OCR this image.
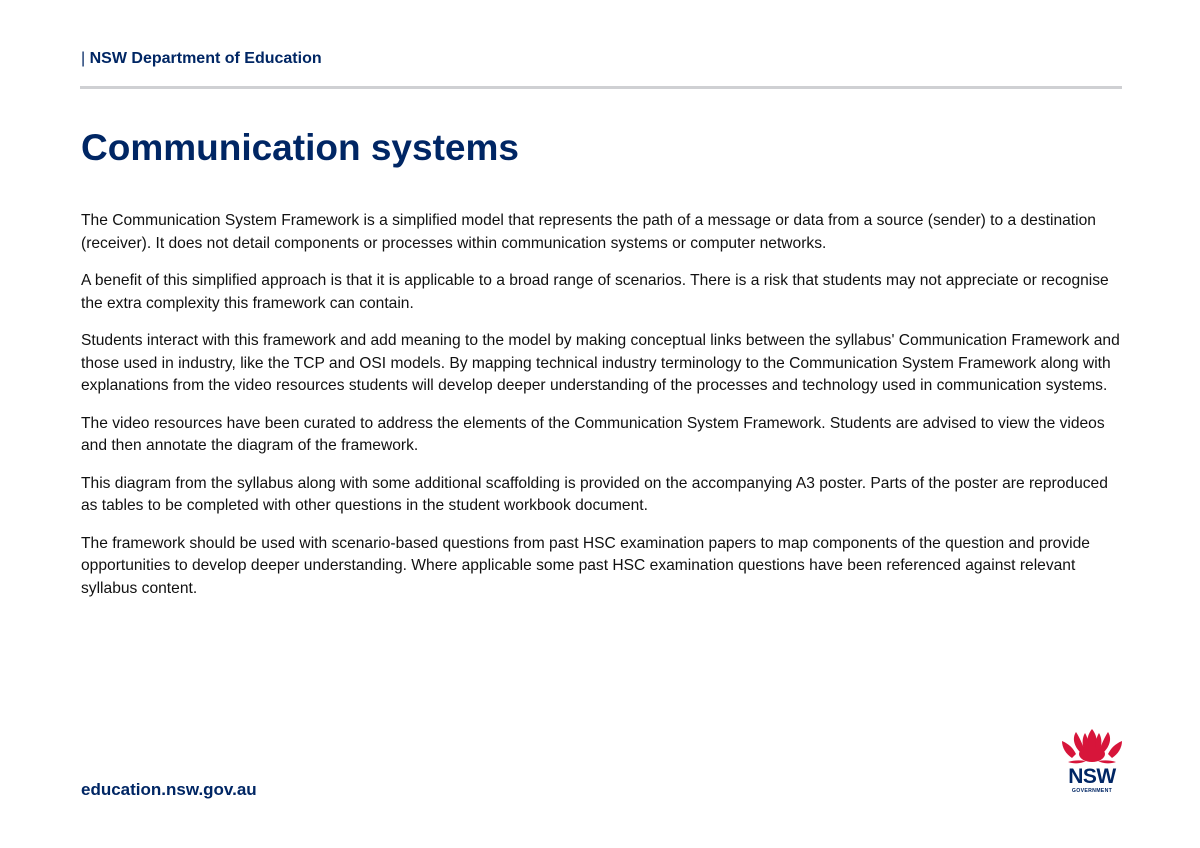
| NSW Department of Education
Communication systems

The Communication System Framework is a simplified model that represents the path of a message or data from a source (sender) to a destination (receiver). It does not detail components or processes within communication systems or computer networks.

A benefit of this simplified approach is that it is applicable to a broad range of scenarios. There is a risk that students may not appreciate or recognise the extra complexity this framework can contain.

Students interact with this framework and add meaning to the model by making conceptual links between the syllabus' Communication Framework and those used in industry, like the TCP and OSI models. By mapping technical industry terminology to the Communication System Framework along with explanations from the video resources students will develop deeper understanding of the processes and technology used in communication systems.

The video resources have been curated to address the elements of the Communication System Framework. Students are advised to view the videos and then annotate the diagram of the framework.

This diagram from the syllabus along with some additional scaffolding is provided on the accompanying A3 poster. Parts of the poster are reproduced as tables to be completed with other questions in the student workbook document.

The framework should be used with scenario-based questions from past HSC examination papers to map components of the question and provide opportunities to develop deeper understanding. Where applicable some past HSC examination questions have been referenced against relevant syllabus content.

education.nsw.gov.au
NSW
GOVERNMENT
